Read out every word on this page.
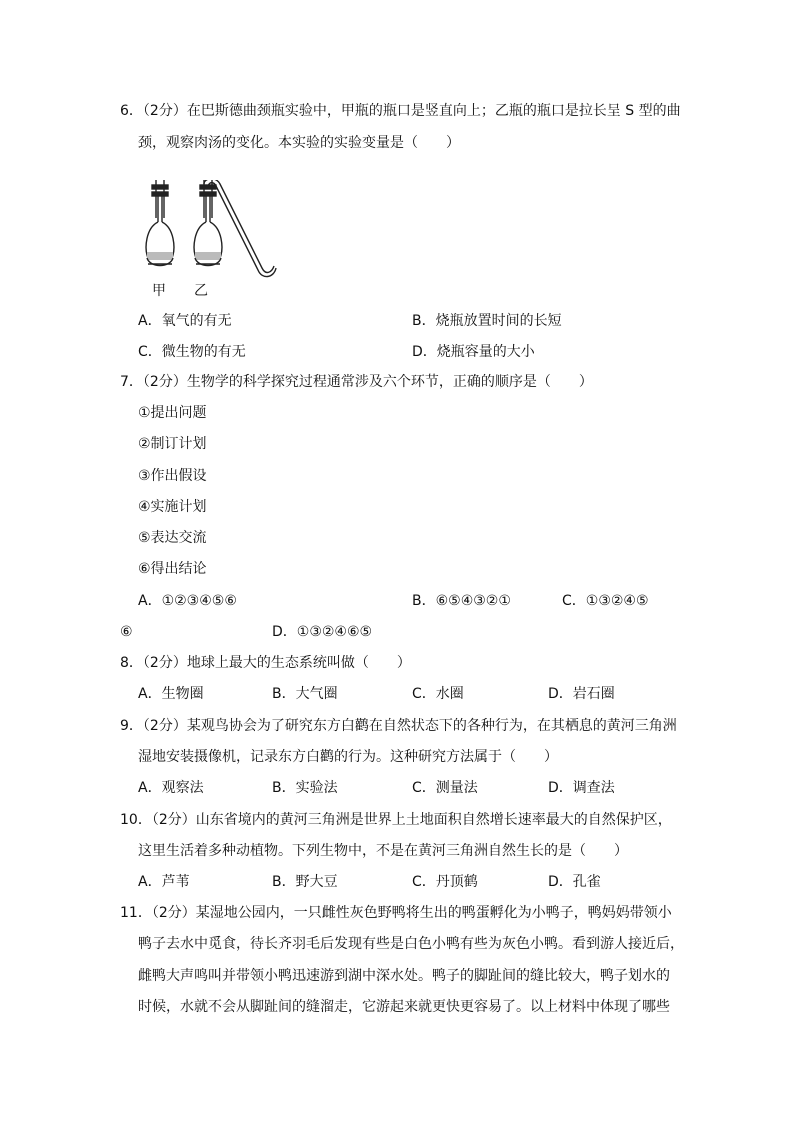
6．（2分）在巴斯德曲颈瓶实验中，甲瓶的瓶口是竖直向上；乙瓶的瓶口是拉长呈 S 型的曲
颈，观察肉汤的变化。本实验的实验变量是（　　）
甲 乙
A．氧气的有无	B．烧瓶放置时间的长短
C．微生物的有无	D．烧瓶容量的大小
7．（2分）生物学的科学探究过程通常涉及六个环节，正确的顺序是（　　）
①提出问题
②制订计划
③作出假设
④实施计划
⑤表达交流
⑥得出结论
A．①②③④⑤⑥	B．⑥⑤④③②①	C．①③②④⑤
⑥	D．①③②④⑥⑤
8．（2分）地球上最大的生态系统叫做（　　）
A．生物圈	B．大气圈	C．水圈	D．岩石圈
9．（2分）某观鸟协会为了研究东方白鹳在自然状态下的各种行为，在其栖息的黄河三角洲
湿地安装摄像机，记录东方白鹳的行为。这种研究方法属于（　　）
A．观察法	B．实验法	C．测量法	D．调查法
10．（2分）山东省境内的黄河三角洲是世界上土地面积自然增长速率最大的自然保护区，
这里生活着多种动植物。下列生物中，不是在黄河三角洲自然生长的是（　　）
A．芦苇	B．野大豆	C．丹顶鹤	D．孔雀
11．（2分）某湿地公园内，一只雌性灰色野鸭将生出的鸭蛋孵化为小鸭子，鸭妈妈带领小
鸭子去水中觅食，待长齐羽毛后发现有些是白色小鸭有些为灰色小鸭。看到游人接近后，
雌鸭大声鸣叫并带领小鸭迅速游到湖中深水处。鸭子的脚趾间的缝比较大，鸭子划水的
时候，水就不会从脚趾间的缝溜走，它游起来就更快更容易了。以上材料中体现了哪些
